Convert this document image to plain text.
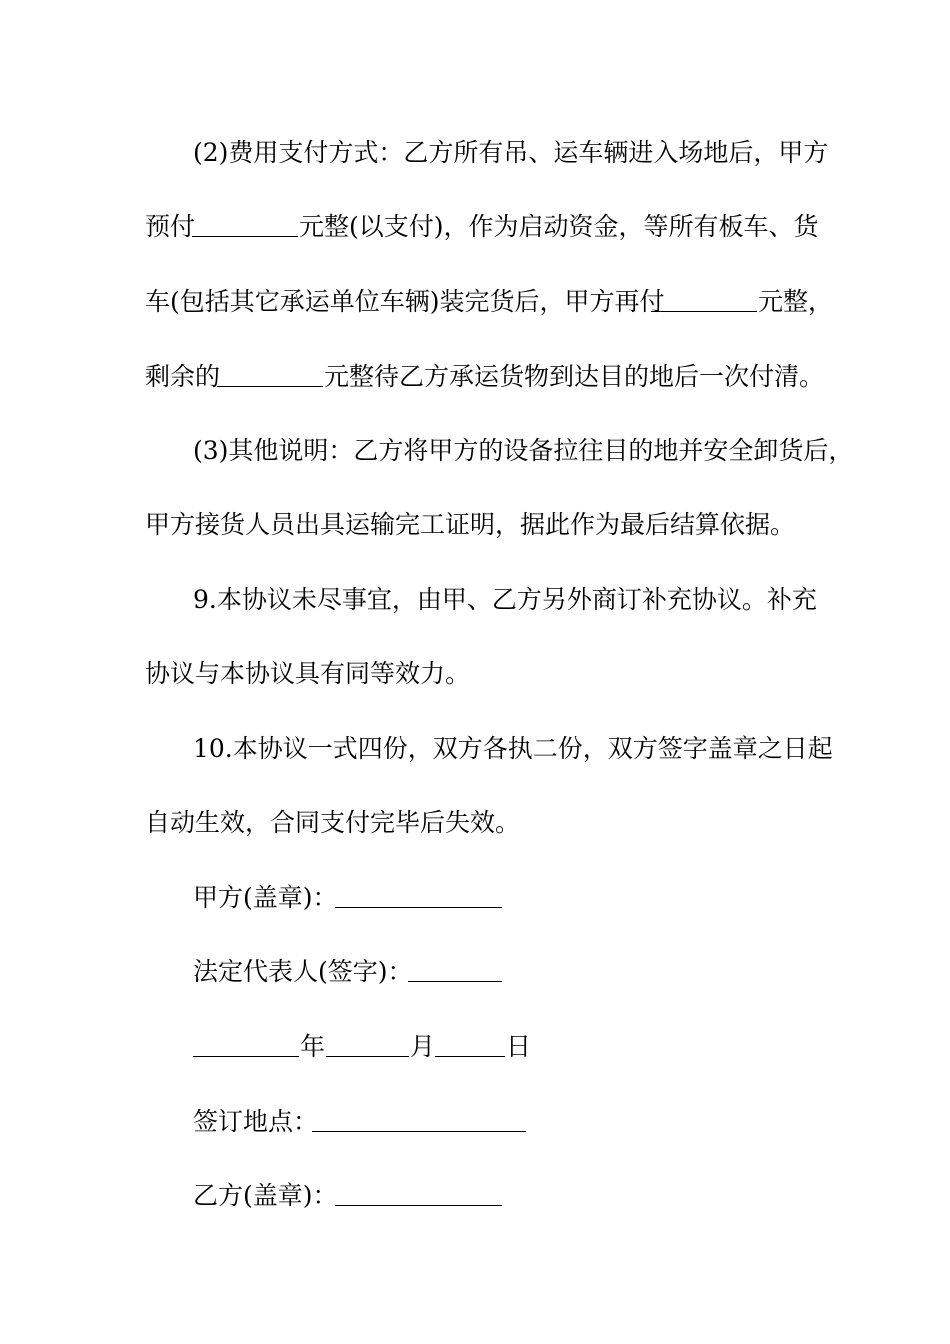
(2)费用支付方式：乙方所有吊、运车辆进入场地后，甲方
预付	元整(以支付)，作为启动资金，等所有板车、货
车(包括其它承运单位车辆)装完货后，甲方再付	元整，
剩余的	元整待乙方承运货物到达目的地后一次付清。
(3)其他说明：乙方将甲方的设备拉往目的地并安全卸货后，
甲方接货人员出具运输完工证明，据此作为最后结算依据。
9.本协议未尽事宜，由甲、乙方另外商订补充协议。补充
协议与本协议具有同等效力。
10.本协议一式四份，双方各执二份，双方签字盖章之日起
自动生效，合同支付完毕后失效。
甲方(盖章)：
法定代表人(签字)：
年	月	日
签订地点：
乙方(盖章)：
